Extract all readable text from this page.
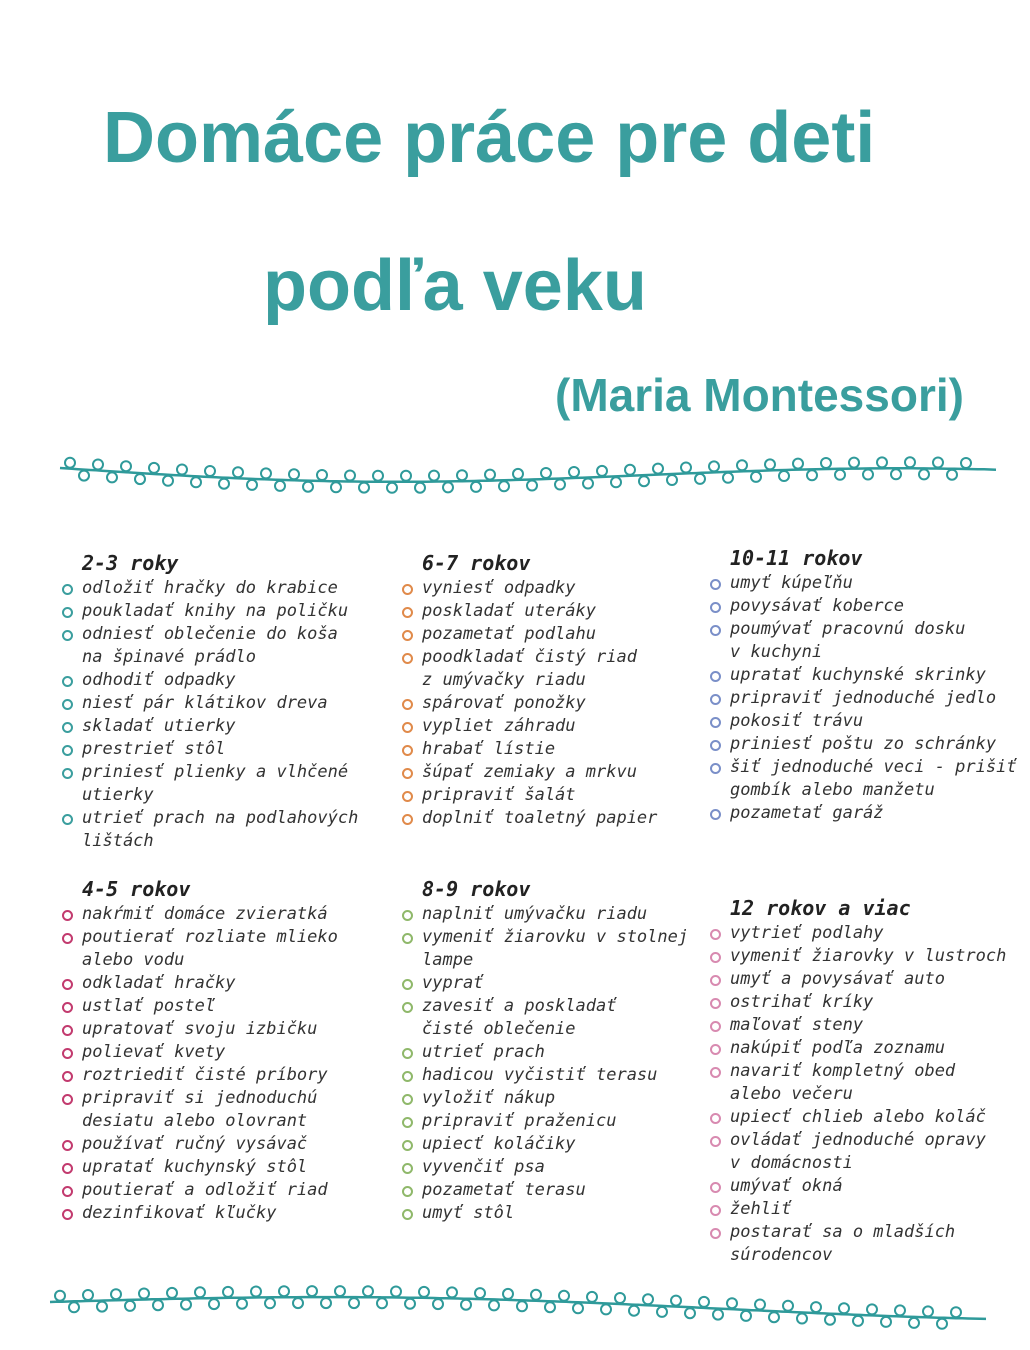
Domáce práce pre deti
podľa veku
(Maria Montessori)
2-3 roky
odložiť hračky do krabice
poukladať knihy na poličku
odniesť oblečenie do koša
na špinavé prádlo
odhodiť odpadky
niesť pár klátikov dreva
skladať utierky
prestrieť stôl
priniesť plienky a vlhčené
utierky
utrieť prach na podlahových
lištách
6-7 rokov
vyniesť odpadky
poskladať uteráky
pozametať podlahu
poodkladať čistý riad
z umývačky riadu
spárovať ponožky
vypliet záhradu
hrabať lístie
šúpať zemiaky a mrkvu
pripraviť šalát
doplniť toaletný papier
10-11 rokov
umyť kúpeľňu
povysávať koberce
poumývať pracovnú dosku
v kuchyni
upratať kuchynské skrinky
pripraviť jednoduché jedlo
pokosiť trávu
priniesť poštu zo schránky
šiť jednoduché veci - prišiť
gombík alebo manžetu
pozametať garáž
4-5 rokov
nakŕmiť domáce zvieratká
poutierať rozliate mlieko
alebo vodu
odkladať hračky
ustlať posteľ
upratovať svoju izbičku
polievať kvety
roztriediť čisté príbory
pripraviť si jednoduchú
desiatu alebo olovrant
používať ručný vysávač
upratať kuchynský stôl
poutierať a odložiť riad
dezinfikovať kľučky
8-9 rokov
naplniť umývačku riadu
vymeniť žiarovku v stolnej
lampe
vyprať
zavesiť a poskladať
čisté oblečenie
utrieť prach
hadicou vyčistiť terasu
vyložiť nákup
pripraviť praženicu
upiecť koláčiky
vyvenčiť psa
pozametať terasu
umyť stôl
12 rokov a viac
vytrieť podlahy
vymeniť žiarovky v lustroch
umyť a povysávať auto
ostrihať kríky
maľovať steny
nakúpiť podľa zoznamu
navariť kompletný obed
alebo večeru
upiecť chlieb alebo koláč
ovládať jednoduché opravy
v domácnosti
umývať okná
žehliť
postarať sa o mladších
súrodencov
